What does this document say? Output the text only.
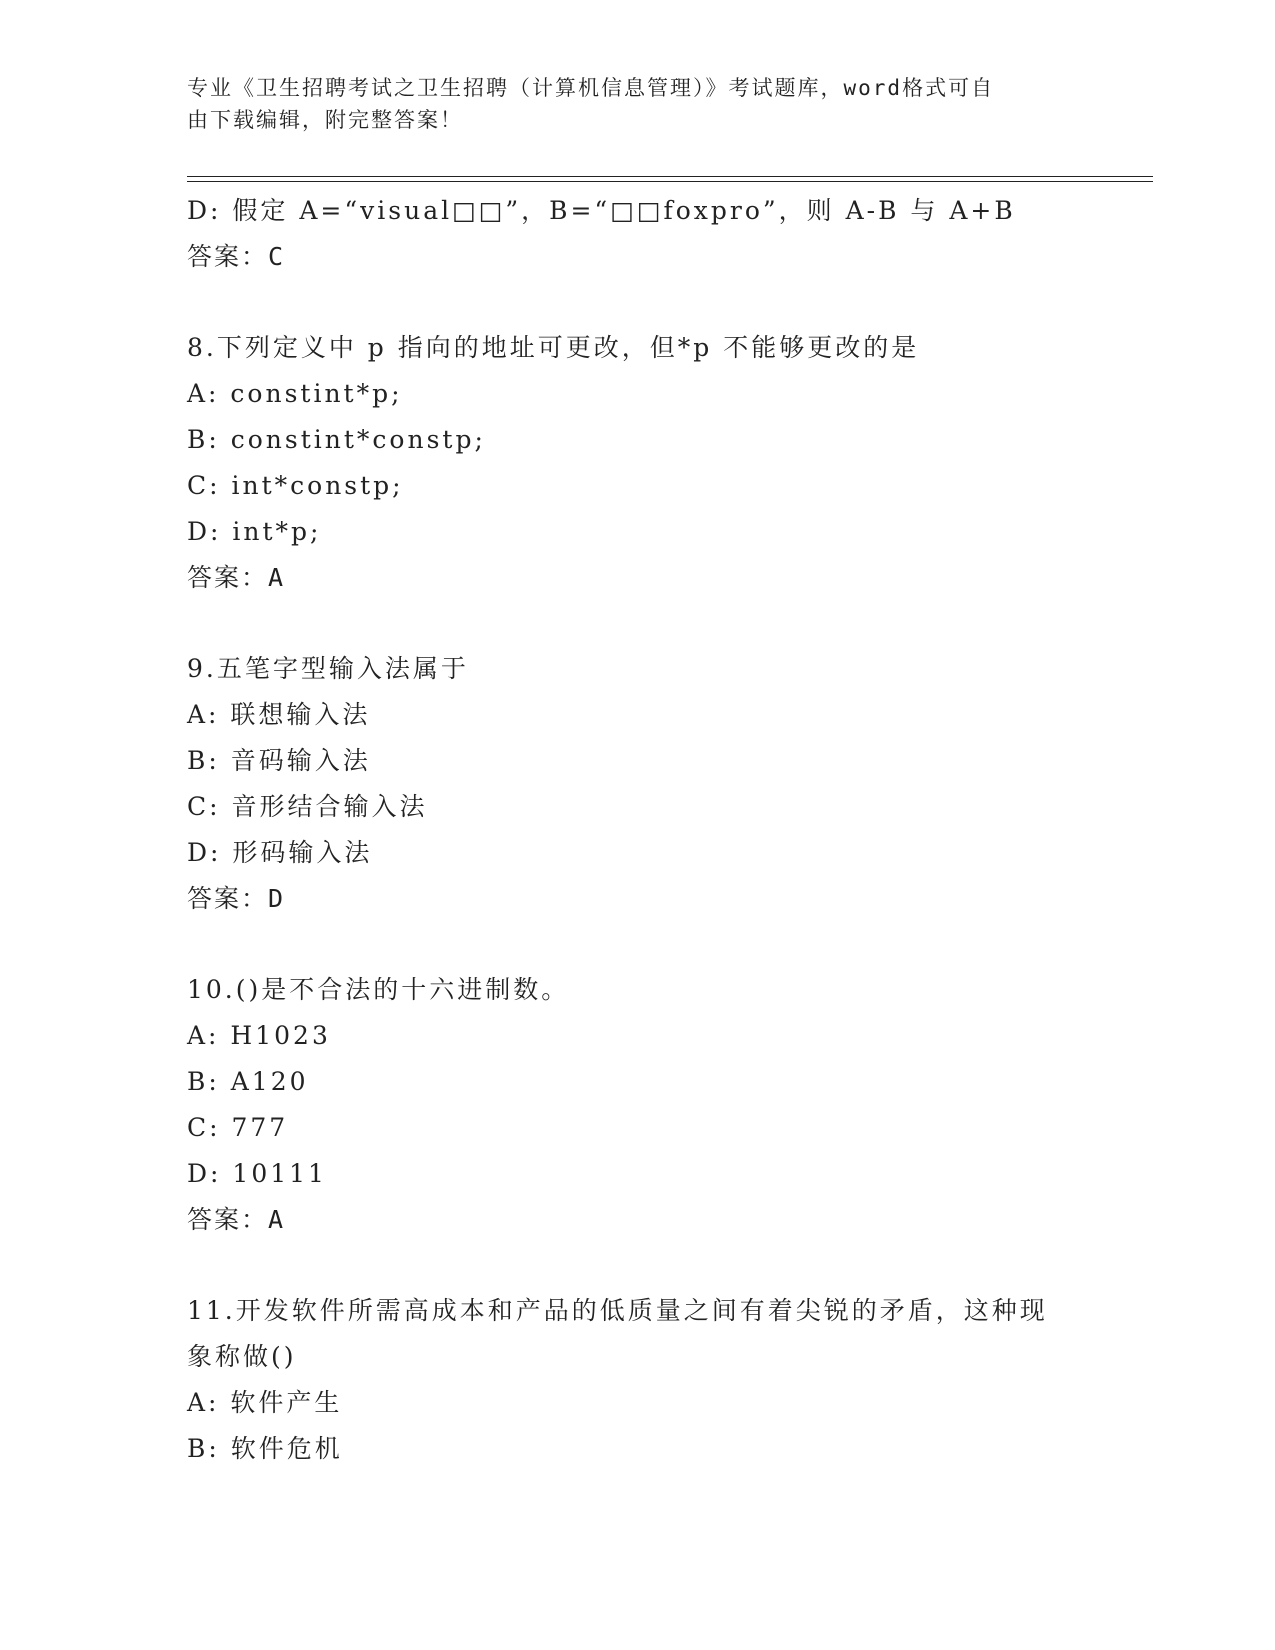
专业《卫生招聘考试之卫生招聘（计算机信息管理）》考试题库，word格式可自
由下载编辑，附完整答案！
D: 假定 A=“visual□□”，B=“□□foxpro”，则 A-B 与 A+B
答案：C
8.下列定义中 p 指向的地址可更改，但*p 不能够更改的是
A: constint*p;
B: constint*constp;
C: int*constp;
D: int*p;
答案：A
9.五笔字型输入法属于
A: 联想输入法
B: 音码输入法
C: 音形结合输入法
D: 形码输入法
答案：D
10.()是不合法的十六进制数。
A: H1023
B: A120
C: 777
D: 10111
答案：A
11.开发软件所需高成本和产品的低质量之间有着尖锐的矛盾，这种现
象称做()
A: 软件产生
B: 软件危机
